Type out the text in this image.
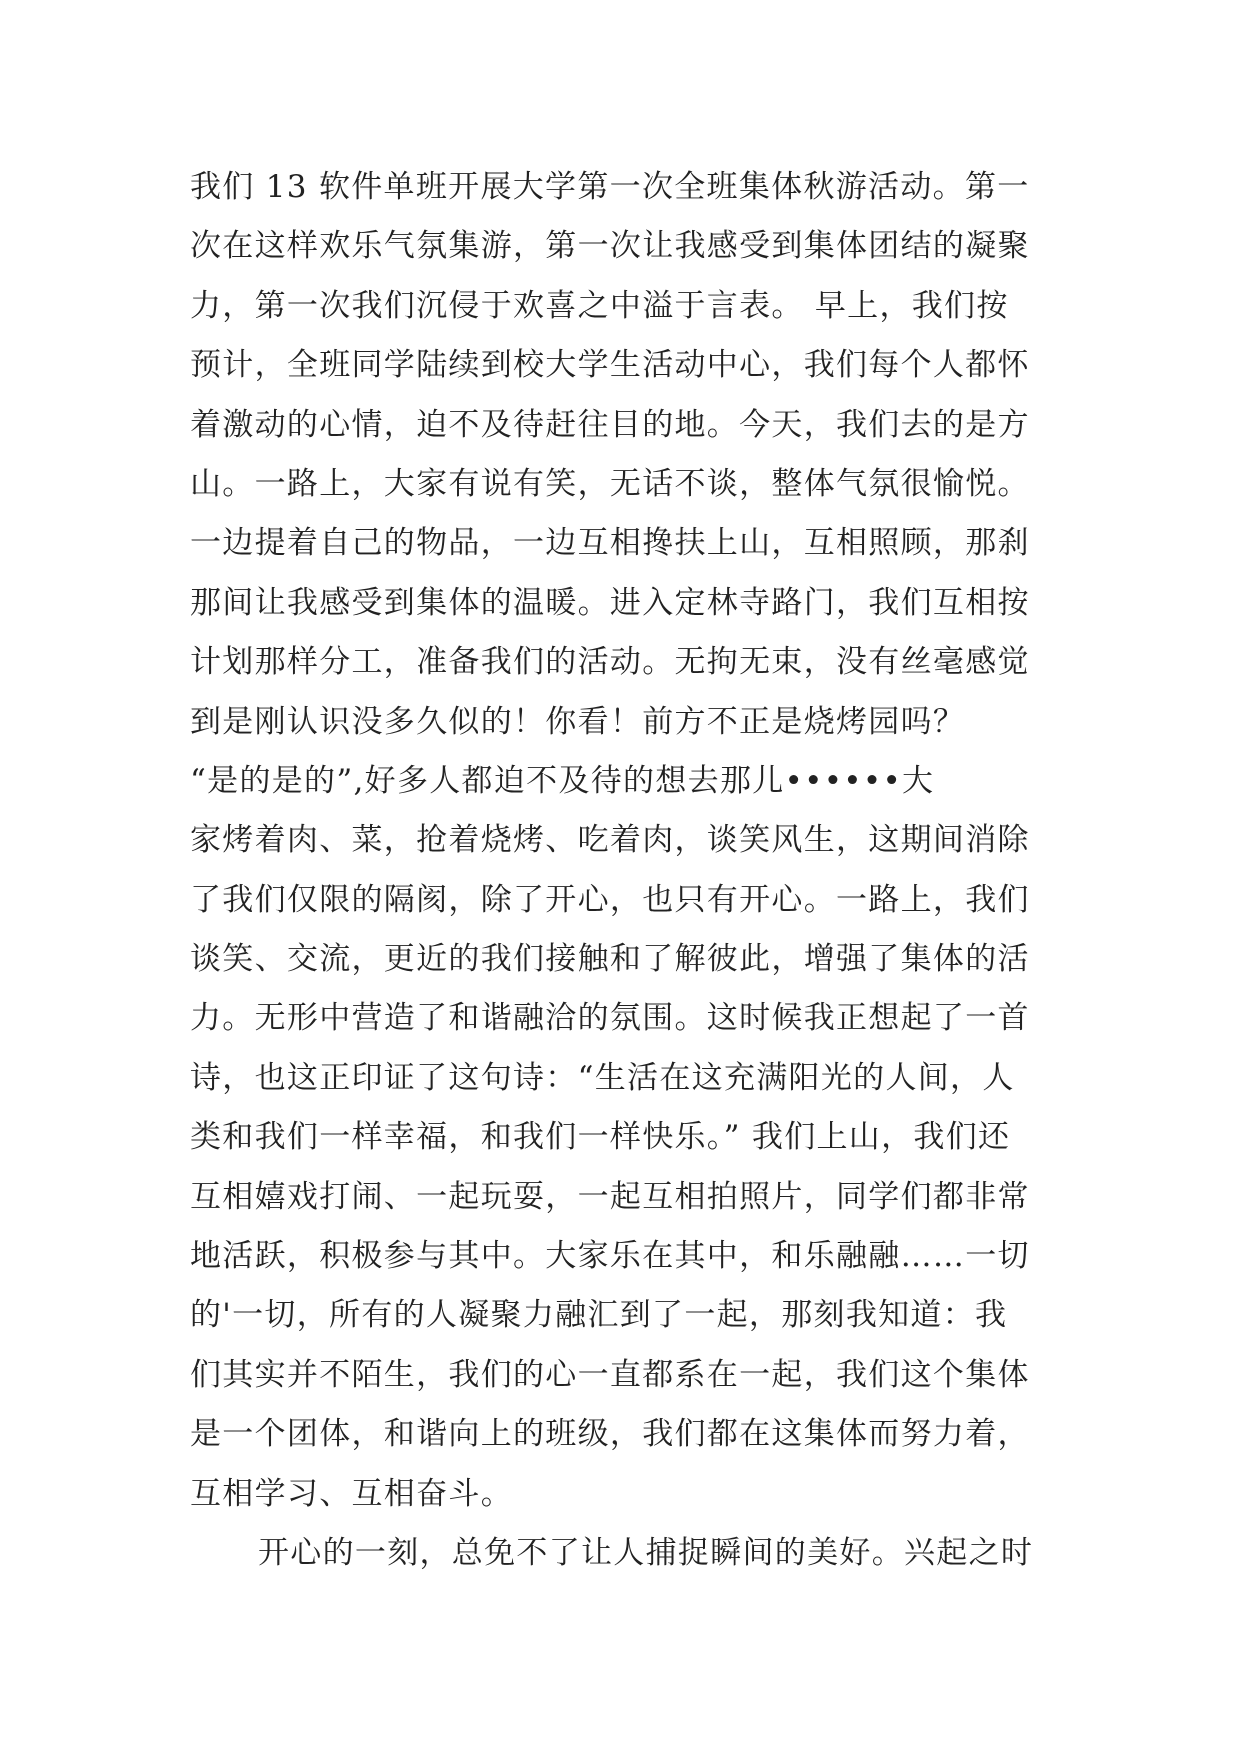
我们 13 软件单班开展大学第一次全班集体秋游活动。第一
次在这样欢乐气氛集游，第一次让我感受到集体团结的凝聚
力，第一次我们沉侵于欢喜之中溢于言表。 早上，我们按
预计，全班同学陆续到校大学生活动中心，我们每个人都怀
着激动的心情，迫不及待赶往目的地。今天，我们去的是方
山。一路上，大家有说有笑，无话不谈，整体气氛很愉悦。
一边提着自己的物品，一边互相搀扶上山，互相照顾，那刹
那间让我感受到集体的温暖。进入定林寺路门，我们互相按
计划那样分工，准备我们的活动。无拘无束，没有丝毫感觉
到是刚认识没多久似的！你看！前方不正是烧烤园吗？
“是的是的”,好多人都迫不及待的想去那儿••••••大
家烤着肉、菜，抢着烧烤、吃着肉，谈笑风生，这期间消除
了我们仅限的隔阂，除了开心，也只有开心。一路上，我们
谈笑、交流，更近的我们接触和了解彼此，增强了集体的活
力。无形中营造了和谐融洽的氛围。这时候我正想起了一首
诗，也这正印证了这句诗：“生活在这充满阳光的人间，人
类和我们一样幸福，和我们一样快乐。” 我们上山，我们还
互相嬉戏打闹、一起玩耍，一起互相拍照片，同学们都非常
地活跃，积极参与其中。大家乐在其中，和乐融融……一切
的'一切，所有的人凝聚力融汇到了一起，那刻我知道：我
们其实并不陌生，我们的心一直都系在一起，我们这个集体
是一个团体，和谐向上的班级，我们都在这集体而努力着，
互相学习、互相奋斗。
开心的一刻，总免不了让人捕捉瞬间的美好。兴起之时
